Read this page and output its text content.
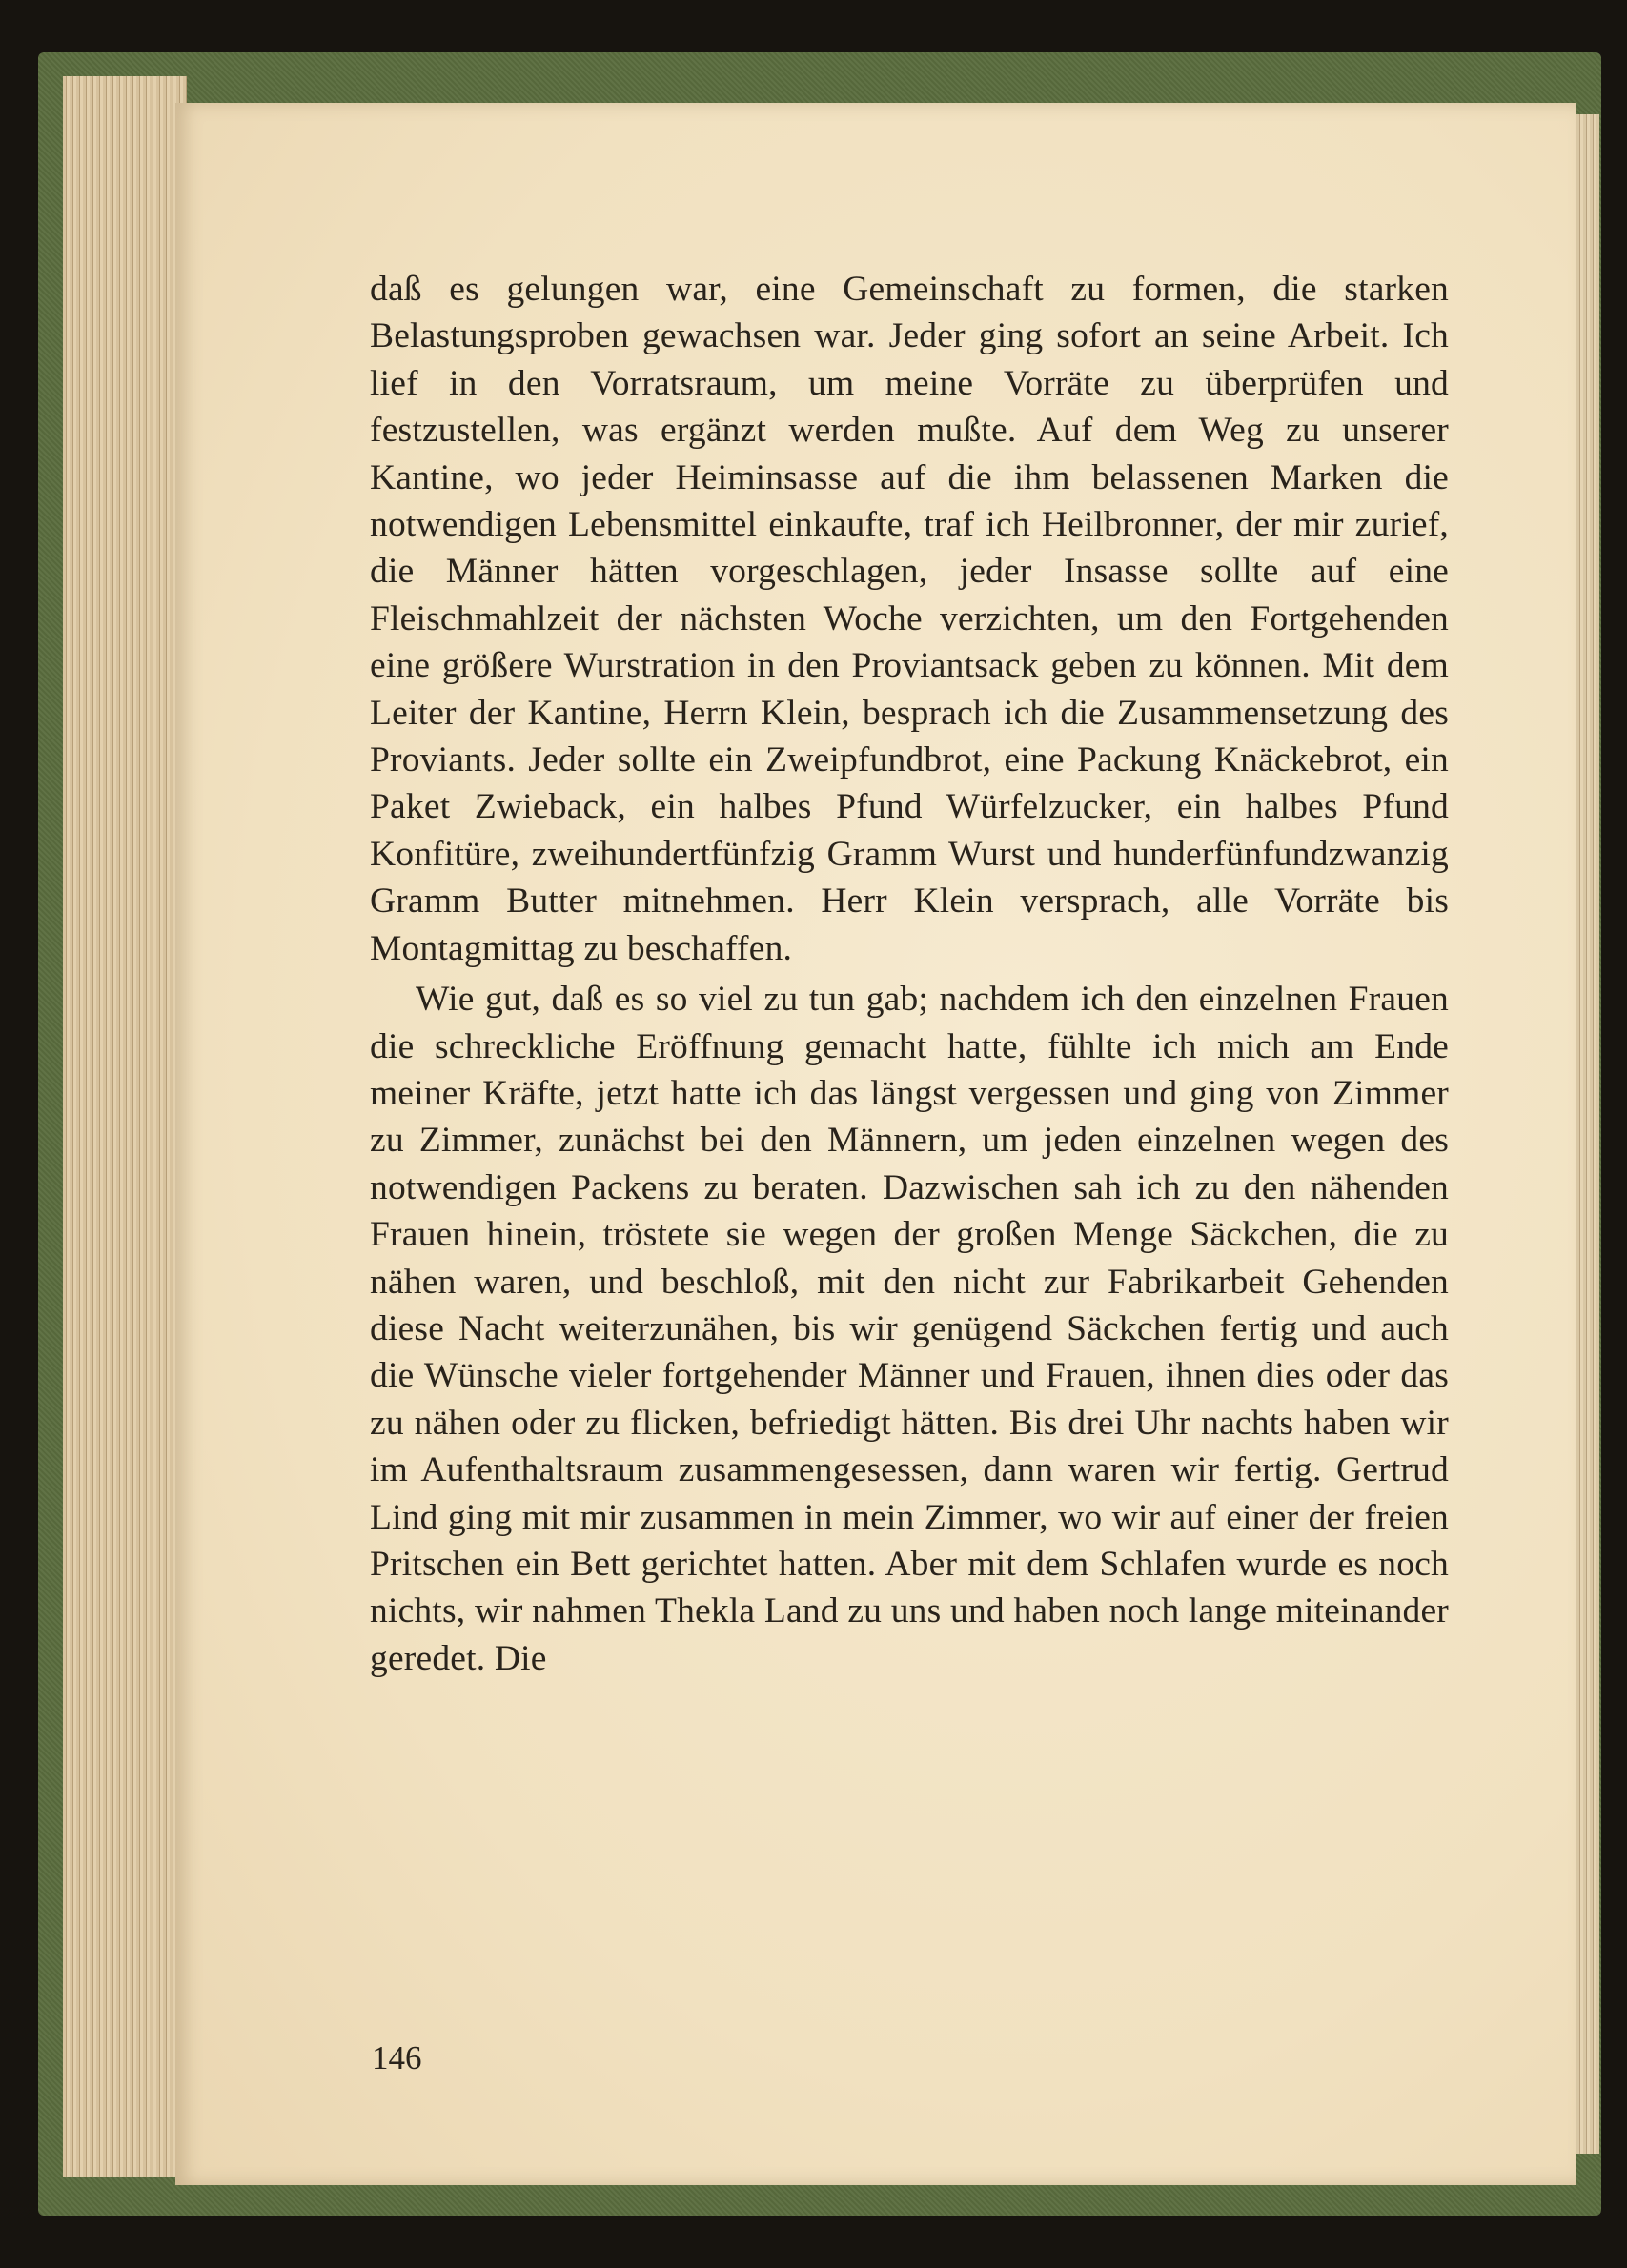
daß es gelungen war, eine Gemeinschaft zu formen, die starken Belastungsproben gewachsen war. Jeder ging sofort an seine Arbeit. Ich lief in den Vorratsraum, um meine Vorräte zu überprüfen und festzustellen, was ergänzt werden mußte. Auf dem Weg zu unserer Kantine, wo jeder Heiminsasse auf die ihm belassenen Marken die notwendigen Lebensmittel einkaufte, traf ich Heilbronner, der mir zurief, die Männer hätten vorgeschlagen, jeder Insasse sollte auf eine Fleischmahlzeit der nächsten Woche verzichten, um den Fortgehenden eine größere Wurstration in den Proviantsack geben zu können. Mit dem Leiter der Kantine, Herrn Klein, besprach ich die Zusammensetzung des Proviants. Jeder sollte ein Zweipfundbrot, eine Packung Knäckebrot, ein Paket Zwieback, ein halbes Pfund Würfelzucker, ein halbes Pfund Konfitüre, zweihundertfünfzig Gramm Wurst und hunderfünfundzwanzig Gramm Butter mitnehmen. Herr Klein versprach, alle Vorräte bis Montagmittag zu beschaffen.

Wie gut, daß es so viel zu tun gab; nachdem ich den einzelnen Frauen die schreckliche Eröffnung gemacht hatte, fühlte ich mich am Ende meiner Kräfte, jetzt hatte ich das längst vergessen und ging von Zimmer zu Zimmer, zunächst bei den Männern, um jeden einzelnen wegen des notwendigen Packens zu beraten. Dazwischen sah ich zu den nähenden Frauen hinein, tröstete sie wegen der großen Menge Säckchen, die zu nähen waren, und beschloß, mit den nicht zur Fabrikarbeit Gehenden diese Nacht weiterzunähen, bis wir genügend Säckchen fertig und auch die Wünsche vieler fortgehender Männer und Frauen, ihnen dies oder das zu nähen oder zu flicken, befriedigt hätten. Bis drei Uhr nachts haben wir im Aufenthaltsraum zusammengesessen, dann waren wir fertig. Gertrud Lind ging mit mir zusammen in mein Zimmer, wo wir auf einer der freien Pritschen ein Bett gerichtet hatten. Aber mit dem Schlafen wurde es noch nichts, wir nahmen Thekla Land zu uns und haben noch lange miteinander geredet. Die

146
